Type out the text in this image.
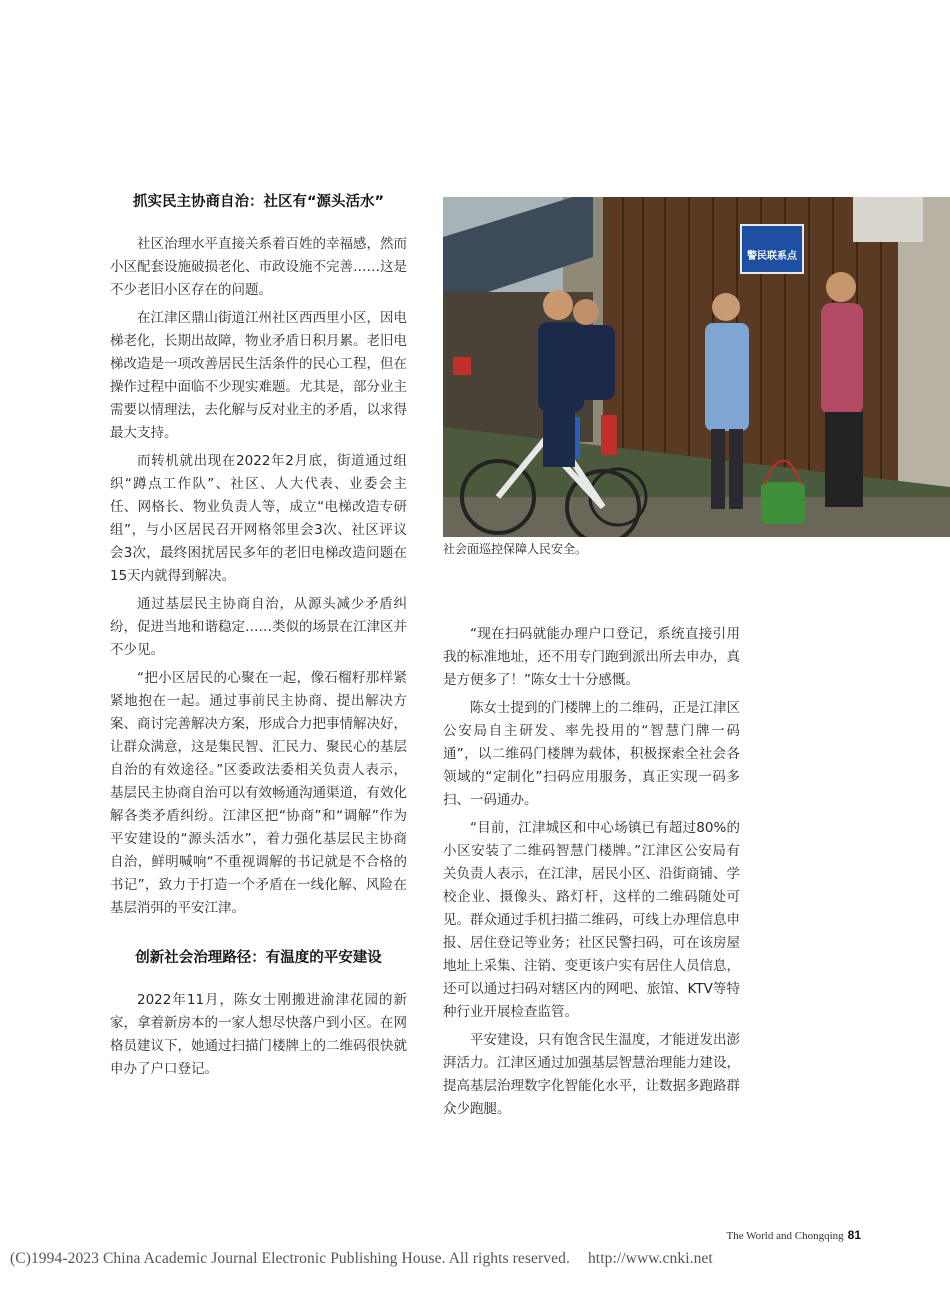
抓实民主协商自治：社区有“源头活水”

社区治理水平直接关系着百姓的幸福感，然而小区配套设施破损老化、市政设施不完善……这是不少老旧小区存在的问题。

在江津区鼎山街道江州社区西西里小区，因电梯老化，长期出故障，物业矛盾日积月累。老旧电梯改造是一项改善居民生活条件的民心工程，但在操作过程中面临不少现实难题。尤其是，部分业主需要以情理法，去化解与反对业主的矛盾，以求得最大支持。

而转机就出现在2022年2月底，街道通过组织“蹲点工作队”、社区、人大代表、业委会主任、网格长、物业负责人等，成立“电梯改造专研组”，与小区居民召开网格邻里会3次、社区评议会3次，最终困扰居民多年的老旧电梯改造问题在15天内就得到解决。

通过基层民主协商自治，从源头减少矛盾纠纷，促进当地和谐稳定……类似的场景在江津区并不少见。

“把小区居民的心聚在一起，像石榴籽那样紧紧地抱在一起。通过事前民主协商、提出解决方案、商讨完善解决方案，形成合力把事情解决好，让群众满意，这是集民智、汇民力、聚民心的基层自治的有效途径。”区委政法委相关负责人表示，基层民主协商自治可以有效畅通沟通渠道，有效化解各类矛盾纠纷。江津区把“协商”和“调解”作为平安建设的“源头活水”，着力强化基层民主协商自治，鲜明喊响“不重视调解的书记就是不合格的书记”，致力于打造一个矛盾在一线化解、风险在基层消弭的平安江津。

创新社会治理路径：有温度的平安建设

2022年11月，陈女士刚搬进渝津花园的新家，拿着新房本的一家人想尽快落户到小区。在网格员建议下，她通过扫描门楼牌上的二维码很快就申办了户口登记。

警民联系点
社会面巡控保障人民安全。

“现在扫码就能办理户口登记，系统直接引用我的标准地址，还不用专门跑到派出所去申办，真是方便多了！”陈女士十分感慨。

陈女士提到的门楼牌上的二维码，正是江津区公安局自主研发、率先投用的“智慧门牌一码通”，以二维码门楼牌为载体，积极探索全社会各领域的“定制化”扫码应用服务，真正实现一码多扫、一码通办。

“目前，江津城区和中心场镇已有超过80%的小区安装了二维码智慧门楼牌。”江津区公安局有关负责人表示，在江津，居民小区、沿街商铺、学校企业、摄像头、路灯杆，这样的二维码随处可见。群众通过手机扫描二维码，可线上办理信息申报、居住登记等业务；社区民警扫码，可在该房屋地址上采集、注销、变更该户实有居住人员信息，还可以通过扫码对辖区内的网吧、旅馆、KTV等特种行业开展检查监管。

平安建设，只有饱含民生温度，才能迸发出澎湃活力。江津区通过加强基层智慧治理能力建设，提高基层治理数字化智能化水平，让数据多跑路群众少跑腿。

The World and Chongqing 81
(C)1994-2023 China Academic Journal Electronic Publishing House. All rights reserved. http://www.cnki.net
